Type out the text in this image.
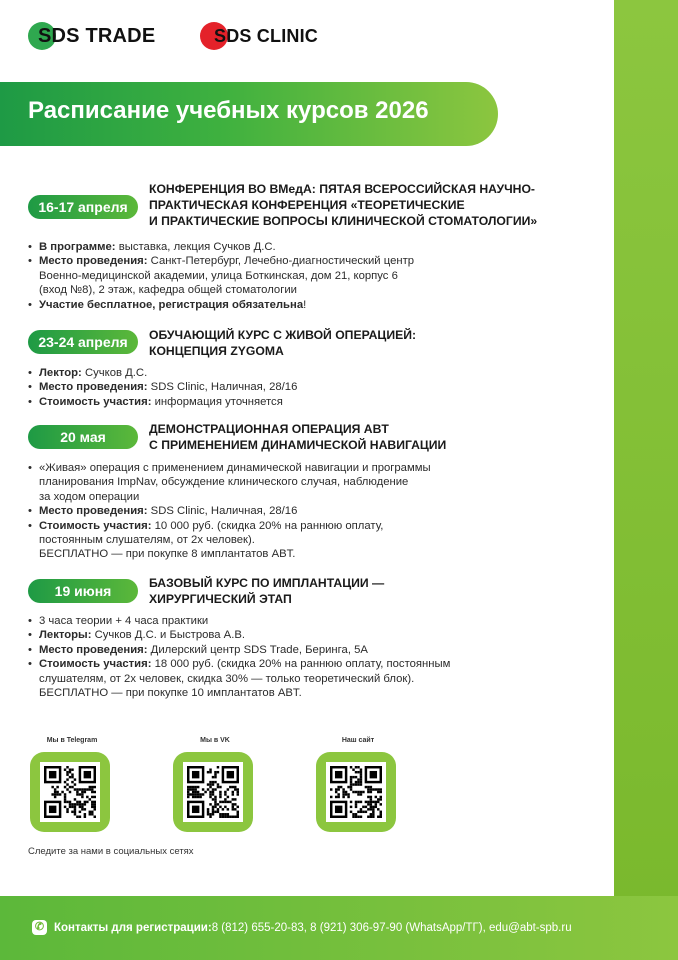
SDS TRADE	SDS CLINIC
Расписание учебных курсов 2026
16-17 апреля
КОНФЕРЕНЦИЯ ВО ВМедА: ПЯТАЯ ВСЕРОССИЙСКАЯ НАУЧНО-
ПРАКТИЧЕСКАЯ КОНФЕРЕНЦИЯ «ТЕОРЕТИЧЕСКИЕ
И ПРАКТИЧЕСКИЕ ВОПРОСЫ КЛИНИЧЕСКОЙ СТОМАТОЛОГИИ»
• В программе: выставка, лекция Сучков Д.С.
• Место проведения: Санкт-Петербург, Лечебно-диагностический центр
Военно-медицинской академии, улица Боткинская, дом 21, корпус 6
(вход №8), 2 этаж, кафедра общей стоматологии
• Участие бесплатное, регистрация обязательна!
23-24 апреля	ОБУЧАЮЩИЙ КУРС С ЖИВОЙ ОПЕРАЦИЕЙ:
КОНЦЕПЦИЯ ZYGOMA
• Лектор: Сучков Д.С.
• Место проведения: SDS Clinic, Наличная, 28/16
• Стоимость участия: информация уточняется
20 мая	ДЕМОНСТРАЦИОННАЯ ОПЕРАЦИЯ ABT
С ПРИМЕНЕНИЕМ ДИНАМИЧЕСКОЙ НАВИГАЦИИ
• «Живая» операция с применением динамической навигации и программы
планирования ImpNav, обсуждение клинического случая, наблюдение
за ходом операции
• Место проведения: SDS Clinic, Наличная, 28/16
• Стоимость участия: 10 000 руб. (скидка 20% на раннюю оплату,
постоянным слушателям, от 2х человек).
БЕСПЛАТНО — при покупке 8 имплантатов ABT.
19 июня	БАЗОВЫЙ КУРС ПО ИМПЛАНТАЦИИ —
ХИРУРГИЧЕСКИЙ ЭТАП
• 3 часа теории + 4 часа практики
• Лекторы: Сучков Д.С. и Быстрова А.В.
• Место проведения: Дилерский центр SDS Trade, Беринга, 5А
• Стоимость участия: 18 000 руб. (скидка 20% на раннюю оплату, постоянным
слушателям, от 2х человек, скидка 30% — только теоретический блок).
БЕСПЛАТНО — при покупке 10 имплантатов ABT.
Мы в Telegram	Мы в VK	Наш сайт
Следите за нами в социальных сетях
✆ Контакты для регистрации: 8 (812) 655-20-83, 8 (921) 306-97-90 (WhatsApp/ТГ), edu@abt-spb.ru
